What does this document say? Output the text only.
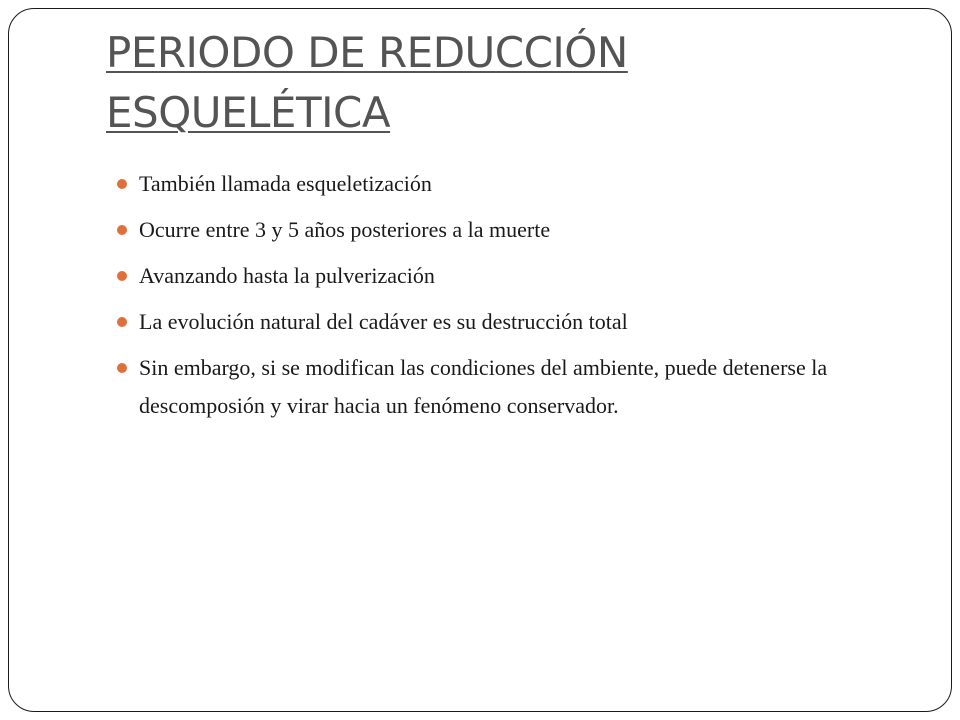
PERIODO DE REDUCCIÓN ESQUELÉTICA
También llamada esqueletización
Ocurre entre 3 y 5 años posteriores a la muerte
Avanzando hasta la pulverización
La evolución natural del cadáver es su destrucción total
Sin embargo, si se modifican las condiciones del ambiente, puede detenerse la descomposión y virar hacia un fenómeno conservador.
